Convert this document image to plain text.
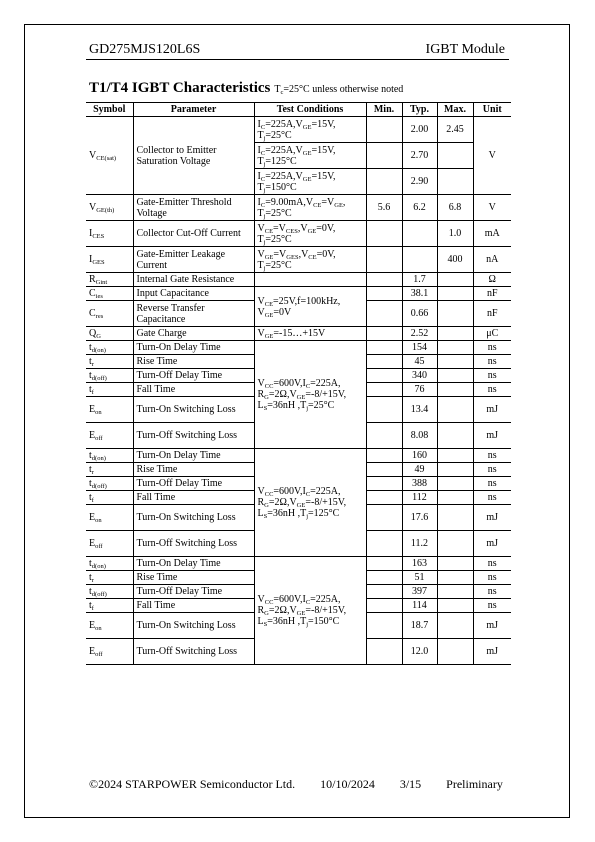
GD275MJS120L6S	IGBT Module
T1/T4 IGBT Characteristics $T_c=25^\circ C$ unless otherwise noted
Symbol	Parameter	Test Conditions	Min.	Typ.	Max.	Unit
$V_{CE(sat)}$	Collector to Emitter Saturation Voltage	$I_C=225A,V_{GE}=15V$, $T_j=25^\circ C$		2.00	2.45	V
		$I_C=225A,V_{GE}=15V$, $T_j=125^\circ C$		2.70		
		$I_C=225A,V_{GE}=15V$, $T_j=150^\circ C$		2.90		
$V_{GE(th)}$	Gate-Emitter Threshold Voltage	$I_C=9.00mA,V_{CE}=V_{GE}$, $T_j=25^\circ C$	5.6	6.2	6.8	V
$I_{CES}$	Collector Cut-Off Current	$V_{CE}=V_{CES},V_{GE}=0V$, $T_j=25^\circ C$			1.0	mA
$I_{GES}$	Gate-Emitter Leakage Current	$V_{GE}=V_{GES},V_{CE}=0V$, $T_j=25^\circ C$			400	nA
$R_{Gint}$	Internal Gate Resistance			1.7		Ω
$C_{ies}$	Input Capacitance	$V_{CE}=25V,f=100kHz$, $V_{GE}=0V$		38.1		nF
$C_{res}$	Reverse Transfer Capacitance			0.66		nF
$Q_G$	Gate Charge	$V_{GE}=-15\dots+15V$		2.52		μC
$t_{d(on)}$	Turn-On Delay Time	$V_{CC}=600V,I_C=225A$, $R_G=2\Omega,V_{GE}=-8/+15V$, $L_S=36nH$ $,T_j=25^\circ C$		154		ns
$t_r$	Rise Time			45		ns
$t_{d(off)}$	Turn-Off Delay Time			340		ns
$t_f$	Fall Time			76		ns
$E_{on}$	Turn-On Switching Loss			13.4		mJ
$E_{off}$	Turn-Off Switching Loss			8.08		mJ
$t_{d(on)}$	Turn-On Delay Time	$V_{CC}=600V,I_C=225A$, $R_G=2\Omega,V_{GE}=-8/+15V$, $L_S=36nH$ $,T_j=125^\circ C$		160		ns
$t_r$	Rise Time			49		ns
$t_{d(off)}$	Turn-Off Delay Time			388		ns
$t_f$	Fall Time			112		ns
$E_{on}$	Turn-On Switching Loss			17.6		mJ
$E_{off}$	Turn-Off Switching Loss			11.2		mJ
$t_{d(on)}$	Turn-On Delay Time	$V_{CC}=600V,I_C=225A$, $R_G=2\Omega,V_{GE}=-8/+15V$, $L_S=36nH$ $,T_j=150^\circ C$		163		ns
$t_r$	Rise Time			51		ns
$t_{d(off)}$	Turn-Off Delay Time			397		ns
$t_f$	Fall Time			114		ns
$E_{on}$	Turn-On Switching Loss			18.7		mJ
$E_{off}$	Turn-Off Switching Loss			12.0		mJ
©2024 STARPOWER Semiconductor Ltd. 10/10/2024 3/15 Preliminary
